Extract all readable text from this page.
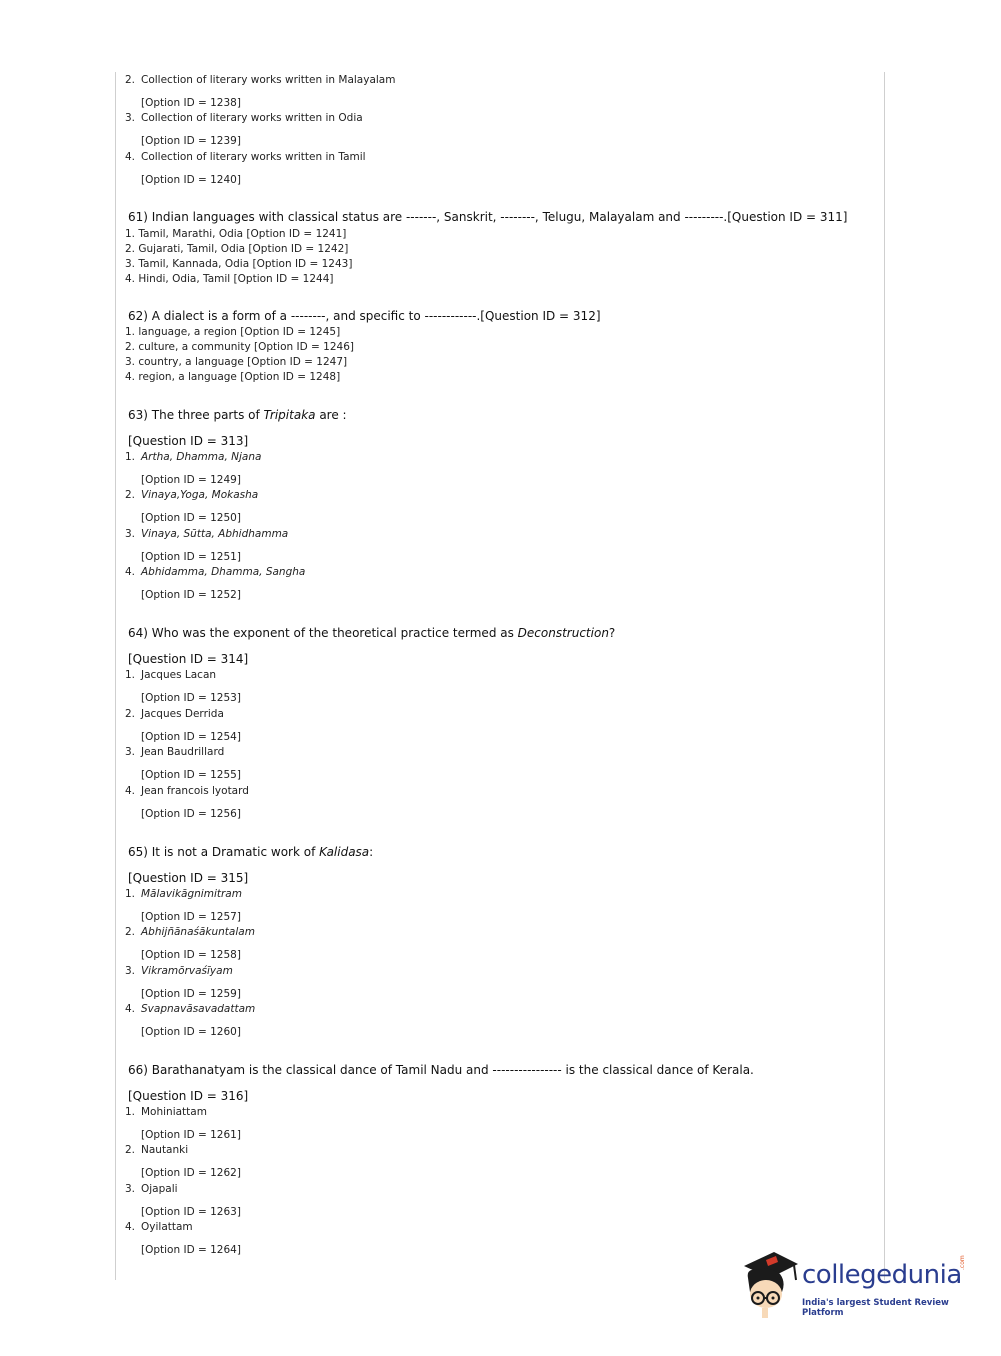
2. Collection of literary works written in Malayalam
[Option ID = 1238]
3. Collection of literary works written in Odia
[Option ID = 1239]
4. Collection of literary works written in Tamil
[Option ID = 1240]
61) Indian languages with classical status are -------, Sanskrit, --------, Telugu, Malayalam and ---------.[Question ID = 311]
1. Tamil, Marathi, Odia [Option ID = 1241]
2. Gujarati, Tamil, Odia [Option ID = 1242]
3. Tamil, Kannada, Odia [Option ID = 1243]
4. Hindi, Odia, Tamil [Option ID = 1244]
62) A dialect is a form of a --------, and specific to ------------.[Question ID = 312]
1. language, a region [Option ID = 1245]
2. culture, a community [Option ID = 1246]
3. country, a language [Option ID = 1247]
4. region, a language [Option ID = 1248]
63) The three parts of Tripitaka are :
[Question ID = 313]
1. Artha, Dhamma, Njana
[Option ID = 1249]
2. Vinaya,Yoga, Mokasha
[Option ID = 1250]
3. Vinaya, Sūtta, Abhidhamma
[Option ID = 1251]
4. Abhidamma, Dhamma, Sangha
[Option ID = 1252]
64) Who was the exponent of the theoretical practice termed as Deconstruction?
[Question ID = 314]
1. Jacques Lacan
[Option ID = 1253]
2. Jacques Derrida
[Option ID = 1254]
3. Jean Baudrillard
[Option ID = 1255]
4. Jean francois lyotard
[Option ID = 1256]
65) It is not a Dramatic work of Kalidasa:
[Question ID = 315]
1. Mālavikāgnimitram
[Option ID = 1257]
2. Abhijñānaśākuntalam
[Option ID = 1258]
3. Vikramōrvaśīyam
[Option ID = 1259]
4. Svapnavāsavadattam
[Option ID = 1260]
66) Barathanatyam is the classical dance of Tamil Nadu and ---------------- is the classical dance of Kerala.
[Question ID = 316]
1. Mohiniattam
[Option ID = 1261]
2. Nautanki
[Option ID = 1262]
3. Ojapali
[Option ID = 1263]
4. Oyilattam
[Option ID = 1264]
collegedunia
.com
India's largest Student Review Platform
